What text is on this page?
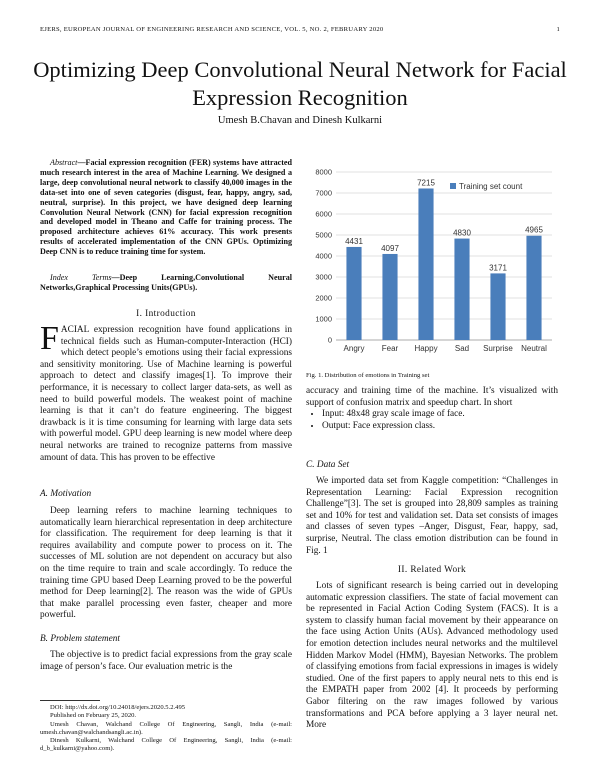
EJERS, EUROPEAN JOURNAL OF ENGINEERING RESEARCH AND SCIENCE, VOL. 5, NO. 2, FEBRUARY 2020	1
Optimizing Deep Convolutional Neural Network for Facial Expression Recognition
Umesh B.Chavan and Dinesh Kulkarni

Abstract—Facial expression recognition (FER) systems have attracted much research interest in the area of Machine Learning. We designed a large, deep convolutional neural network to classify 40,000 images in the data-set into one of seven categories (disgust, fear, happy, angry, sad, neutral, surprise). In this project, we have designed deep learning Convolution Neural Network (CNN) for facial expression recognition and developed model in Theano and Caffe for training process. The proposed architecture achieves 61% accuracy. This work presents results of accelerated implementation of the CNN GPUs. Optimizing Deep CNN is to reduce training time for system.

Index Terms—Deep Learning,Convolutional Neural Networks,Graphical Processing Units(GPUs).

I. Introduction

FACIAL expression recognition have found applications in technical fields such as Human-computer-Interaction (HCI) which detect people’s emotions using their facial expressions and sensitivity monitoring. Use of Machine learning is powerful approach to detect and classify images[1]. To improve their performance, it is necessary to collect larger data-sets, as well as need to build powerful models. The weakest point of machine learning is that it can’t do feature engineering. The biggest drawback is it is time consuming for learning with large data sets with powerful model. GPU deep learning is new model where deep neural networks are trained to recognize patterns from massive amount of data. This has proven to be effective

A. Motivation

Deep learning refers to machine learning techniques to automatically learn hierarchical representation in deep architecture for classification. The requirement for deep learning is that it requires availability and compute power to process on it. The successes of ML solution are not dependent on accuracy but also on the time require to train and scale accordingly. To reduce the training time GPU based Deep Learning proved to be the powerful method for Deep learning[2]. The reason was the wide of GPUs that make parallel processing even faster, cheaper and more powerful.

B. Problem statement

The objective is to predict facial expressions from the gray scale image of person’s face. Our evaluation metric is the

DOI: http://dx.doi.org/10.24018/ejers.2020.5.2.495

Published on February 25, 2020.

Umesh Chavan, Walchand College Of Engineering, Sangli, India (e-mail: umesh.chavan@walchandsangli.ac.in).

Dinesh Kulkarni, Walchand College Of Engineering, Sangli, India (e-mail: d_b_kulkarni@yahoo.com).

0
1000
2000
3000
4000
5000
6000
7000
8000
4431
Angry
4097
Fear
7215
Happy
4830
Sad
3171
Surprise
4965
Neutral
Training set count
Fig. 1. Distribution of emotions in Training set

accuracy and training time of the machine. It’s visualized with support of confusion matrix and speedup chart. In short

• Input: 48x48 gray scale image of face.
• Output: Face expression class.
C. Data Set

We imported data set from Kaggle competition: “Challenges in Representation Learning: Facial Expression recognition Challenge”[3]. The set is grouped into 28,809 samples as training set and 10% for test and validation set. Data set consists of images and classes of seven types –Anger, Disgust, Fear, happy, sad, surprise, Neutral. The class emotion distribution can be found in Fig. 1

II. Related Work

Lots of significant research is being carried out in developing automatic expression classifiers. The state of facial movement can be represented in Facial Action Coding System (FACS). It is a system to classify human facial movement by their appearance on the face using Action Units (AUs). Advanced methodology used for emotion detection includes neural networks and the multilevel Hidden Markov Model (HMM), Bayesian Networks. The problem of classifying emotions from facial expressions in images is widely studied. One of the first papers to apply neural nets to this end is the EMPATH paper from 2002 [4]. It proceeds by performing Gabor filtering on the raw images followed by various transformations and PCA before applying a 3 layer neural net. More
